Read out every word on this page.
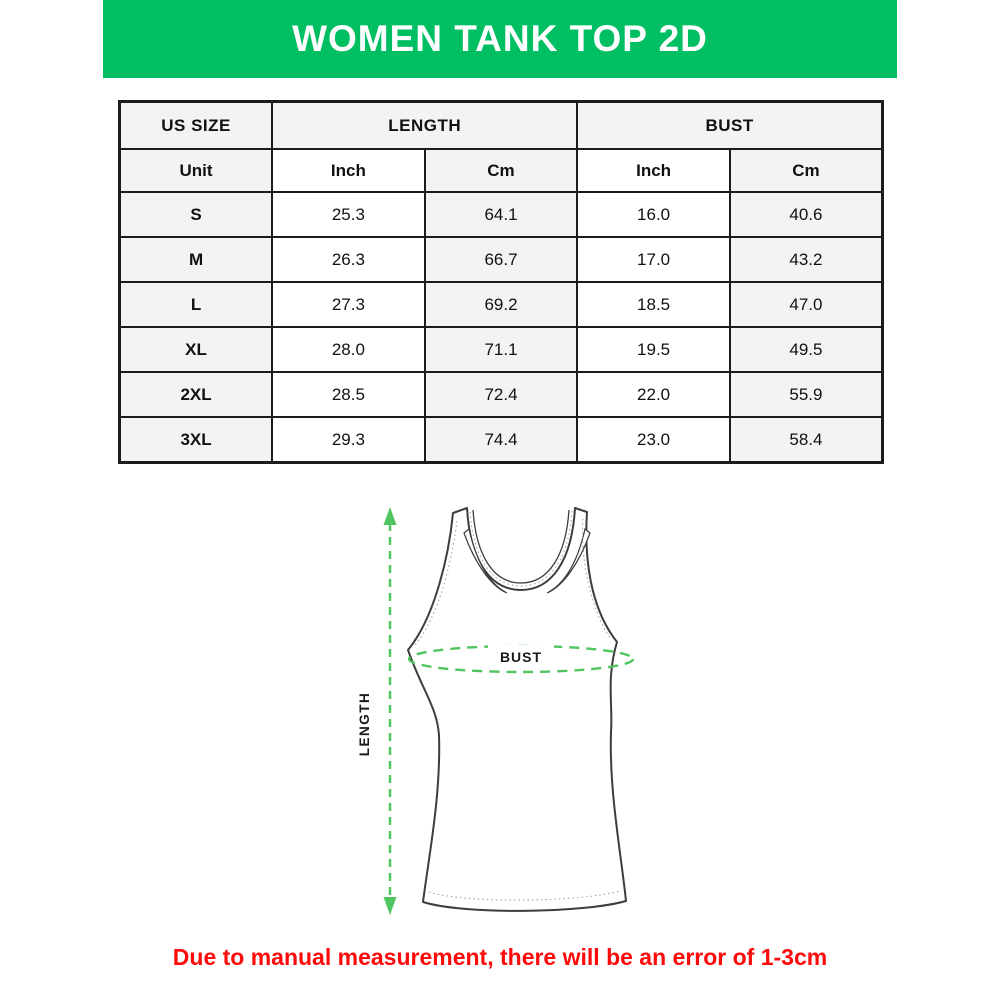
WOMEN TANK TOP 2D
US SIZE	LENGTH		BUST	
Unit	Inch	Cm	Inch	Cm
S	25.3	64.1	16.0	40.6
M	26.3	66.7	17.0	43.2
L	27.3	69.2	18.5	47.0
XL	28.0	71.1	19.5	49.5
2XL	28.5	72.4	22.0	55.9
3XL	29.3	74.4	23.0	58.4
BUST
LENGTH
Due to manual measurement, there will be an error of 1-3cm
